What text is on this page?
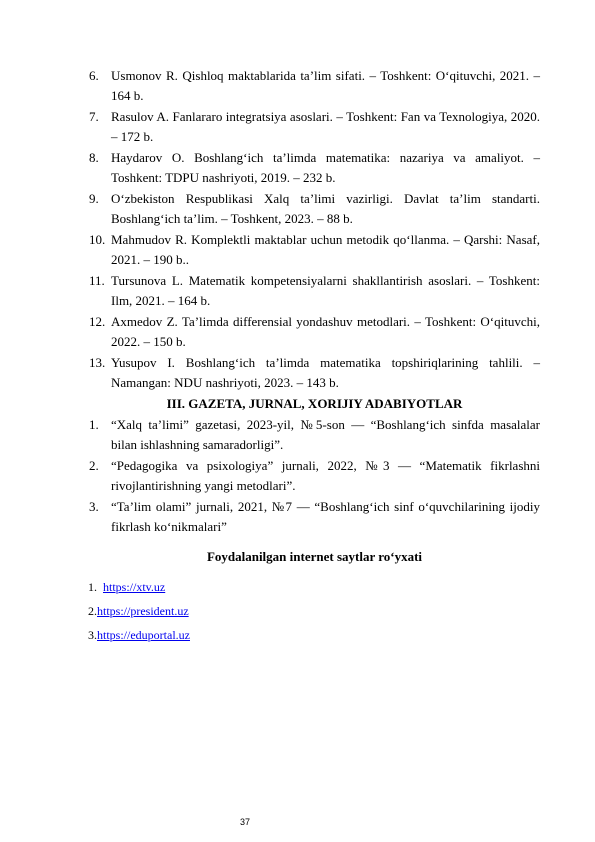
6. Usmonov R. Qishloq maktablarida ta’lim sifati. – Toshkent: O‘qituvchi, 2021. – 164 b.
7. Rasulov A. Fanlararo integratsiya asoslari. – Toshkent: Fan va Texnologiya, 2020. – 172 b.
8. Haydarov O. Boshlang‘ich ta’limda matematika: nazariya va amaliyot. – Toshkent: TDPU nashriyoti, 2019. – 232 b.
9. O‘zbekiston Respublikasi Xalq ta’limi vazirligi. Davlat ta’lim standarti. Boshlang‘ich ta’lim. – Toshkent, 2023. – 88 b.
10. Mahmudov R. Komplektli maktablar uchun metodik qo‘llanma. – Qarshi: Nasaf, 2021. – 190 b..
11. Tursunova L. Matematik kompetensiyalarni shakllantirish asoslari. – Toshkent: Ilm, 2021. – 164 b.
12. Axmedov Z. Ta’limda differensial yondashuv metodlari. – Toshkent: O‘qituvchi, 2022. – 150 b.
13. Yusupov I. Boshlang‘ich ta’limda matematika topshiriqlarining tahlili. – Namangan: NDU nashriyoti, 2023. – 143 b.
III. GAZETA, JURNAL, XORIJIY ADABIYOTLAR
1. “Xalq ta’limi” gazetasi, 2023-yil, №5-son — “Boshlang‘ich sinfda masalalar bilan ishlashning samaradorligi”.
2. “Pedagogika va psixologiya” jurnali, 2022, №3 — “Matematik fikrlashni rivojlantirishning yangi metodlari”.
3. “Ta’lim olami” jurnali, 2021, №7 — “Boshlang‘ich sinf o‘quvchilarining ijodiy fikrlash ko‘nikmalari”
Foydalanilgan internet saytlar ro‘yxati
1. https://xtv.uz
2.https://president.uz
3.https://eduportal.uz
37
